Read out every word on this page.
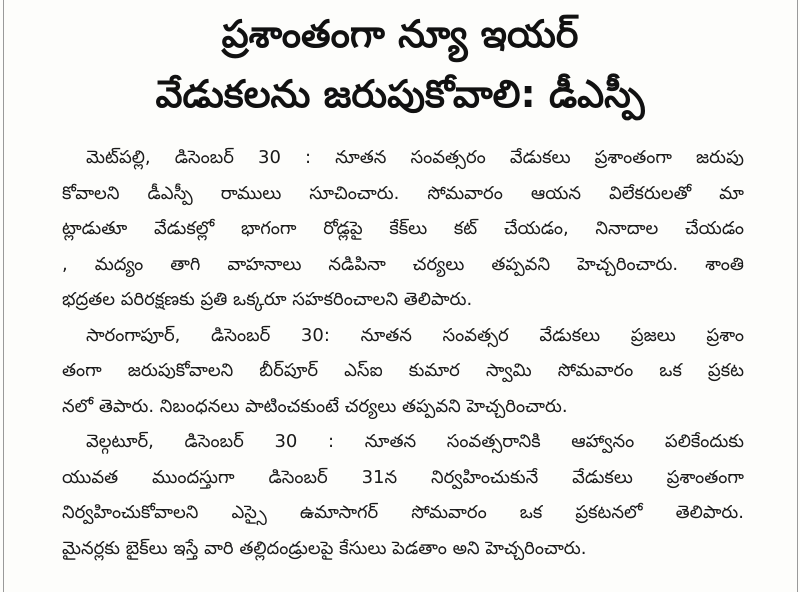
ప్రశాంతంగా న్యూ ఇయర్
వేడుకలను జరుపుకోవాలి: డీఎస్పీ
మెట్‌పల్లి, డిసెంబర్ 30 : నూతన సంవత్సరం వేడుకలు ప్రశాంతంగా జరుపు
కోవాలని డీఎస్పీ రాములు సూచించారు. సోమవారం ఆయన విలేకరులతో మా
ట్లాడుతూ వేడుకల్లో భాగంగా రోడ్లపై కేక్‌లు కట్ చేయడం, నినాదాల చేయడం
, మద్యం తాగి వాహనాలు నడిపినా చర్యలు తప్పవని హెచ్చరించారు. శాంతి
భద్రతల పరిరక్షణకు ప్రతి ఒక్కరూ సహకరించాలని తెలిపారు.
సారంగాపూర్, డిసెంబర్ 30: నూతన సంవత్సర వేడుకలు ప్రజలు ప్రశాం
తంగా జరుపుకోవాలని బీర్‌పూర్ ఎస్ఐ కుమార స్వామి సోమవారం ఒక ప్రకట
నలో తెపారు. నిబంధనలు పాటించకుంటే చర్యలు తప్పవని హెచ్చరించారు.
వెల్గటూర్, డిసెంబర్ 30 : నూతన సంవత్సరానికి ఆహ్వానం పలికేందుకు
యువత ముందస్తుగా డిసెంబర్ 31న నిర్వహించుకునే వేడుకలు ప్రశాంతంగా
నిర్వహించుకోవాలని ఎస్సై ఉమాసాగర్ సోమవారం ఒక ప్రకటనలో తెలిపారు.
మైనర్లకు బైక్‌లు ఇస్తే వారి తల్లిదండ్రులపై కేసులు పెడతాం అని హెచ్చరించారు.
